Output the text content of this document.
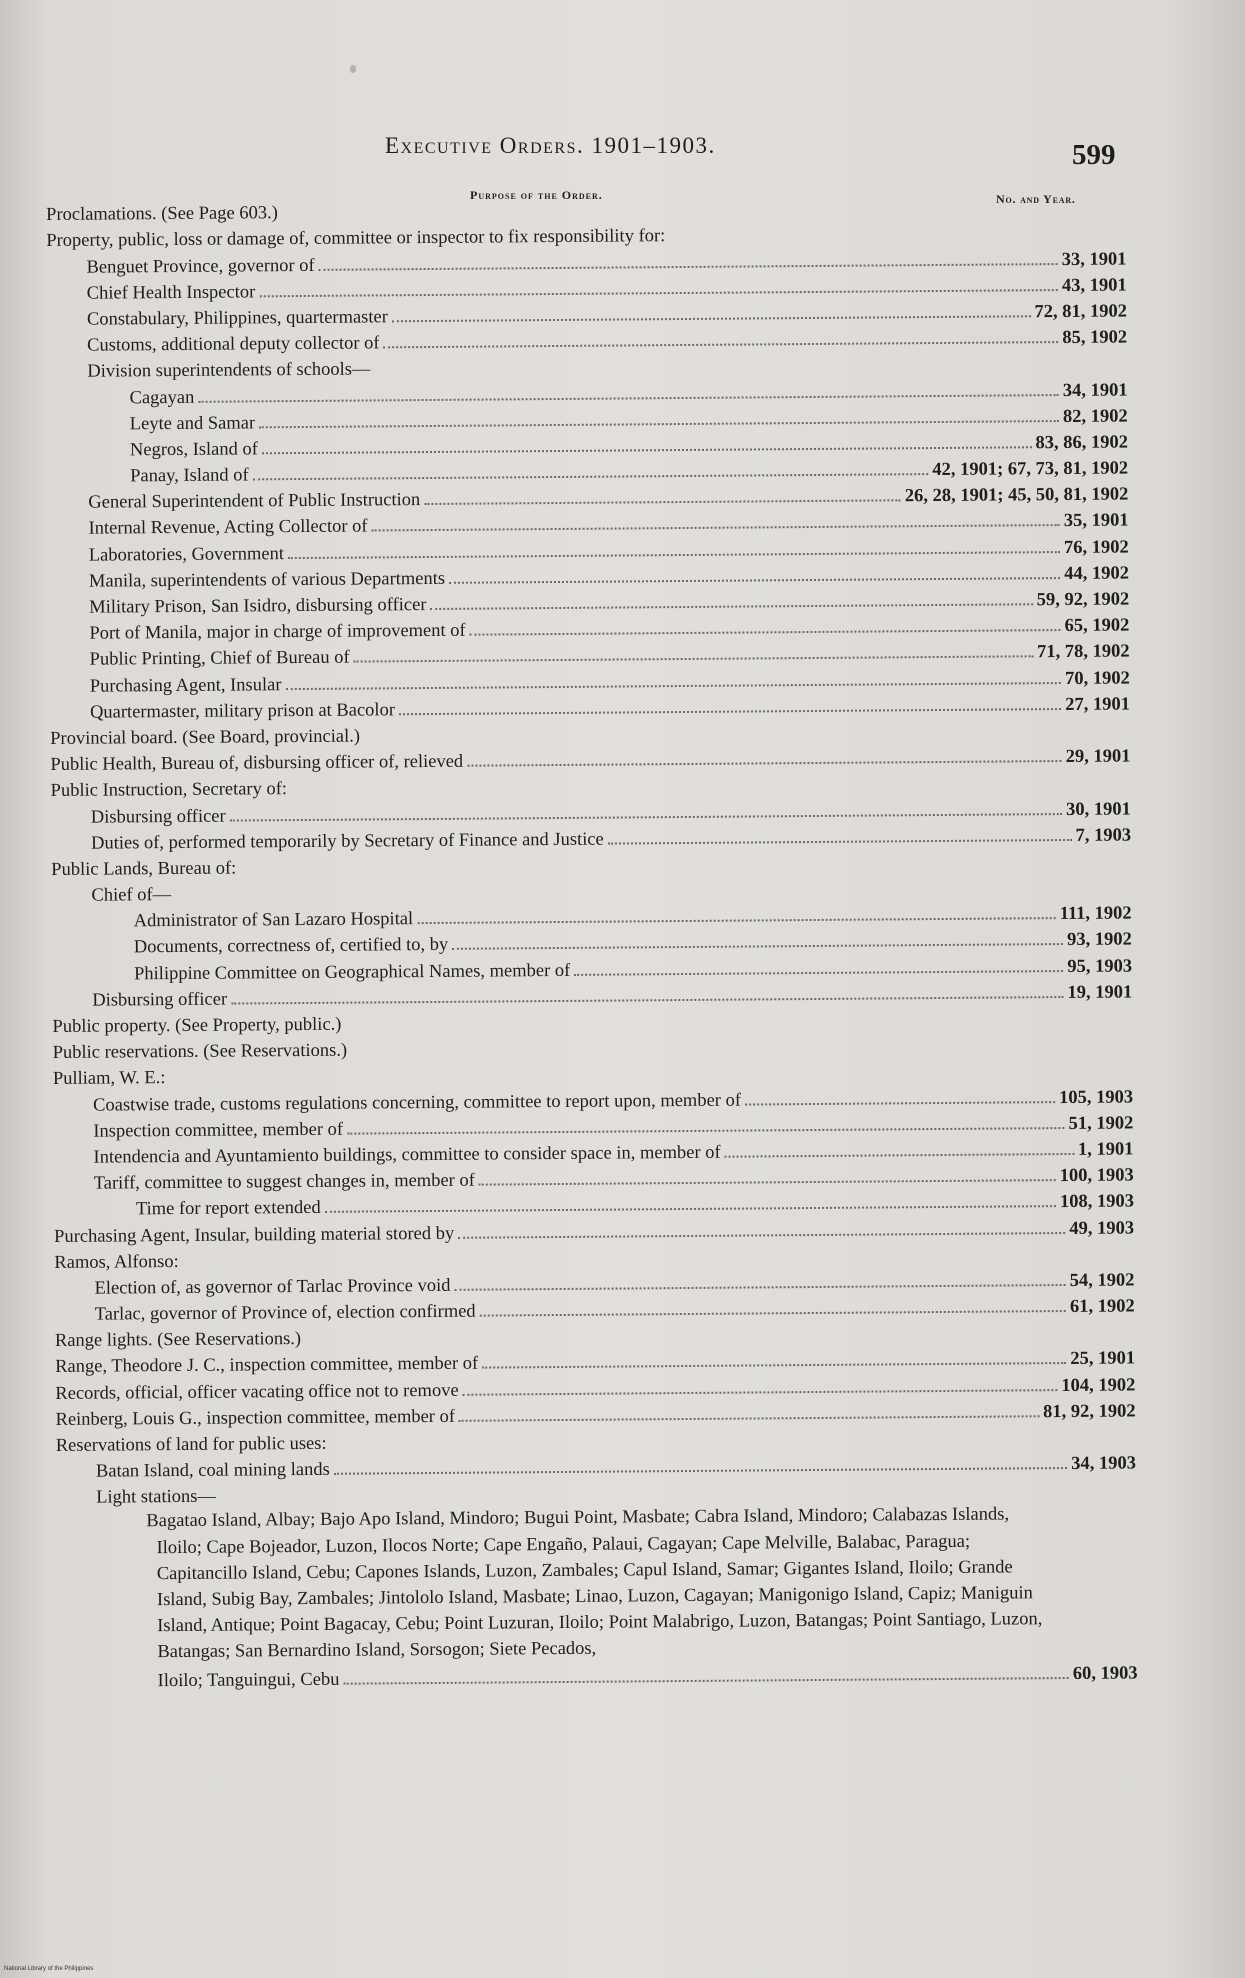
Executive Orders. 1901–1903.	599
Purpose of the Order.	No. and Year.
Proclamations. (See Page 603.)
Property, public, loss or damage of, committee or inspector to fix responsibility for:
Benguet Province, governor of	33, 1901
Chief Health Inspector	43, 1901
Constabulary, Philippines, quartermaster	72, 81, 1902
Customs, additional deputy collector of	85, 1902
Division superintendents of schools—
Cagayan	34, 1901
Leyte and Samar	82, 1902
Negros, Island of	83, 86, 1902
Panay, Island of	42, 1901; 67, 73, 81, 1902
General Superintendent of Public Instruction	26, 28, 1901; 45, 50, 81, 1902
Internal Revenue, Acting Collector of	35, 1901
Laboratories, Government	76, 1902
Manila, superintendents of various Departments	44, 1902
Military Prison, San Isidro, disbursing officer	59, 92, 1902
Port of Manila, major in charge of improvement of	65, 1902
Public Printing, Chief of Bureau of	71, 78, 1902
Purchasing Agent, Insular	70, 1902
Quartermaster, military prison at Bacolor	27, 1901
Provincial board. (See Board, provincial.)
Public Health, Bureau of, disbursing officer of, relieved	29, 1901
Public Instruction, Secretary of:
Disbursing officer	30, 1901
Duties of, performed temporarily by Secretary of Finance and Justice	7, 1903
Public Lands, Bureau of:
Chief of—
Administrator of San Lazaro Hospital	111, 1902
Documents, correctness of, certified to, by	93, 1902
Philippine Committee on Geographical Names, member of	95, 1903
Disbursing officer	19, 1901
Public property. (See Property, public.)
Public reservations. (See Reservations.)
Pulliam, W. E.:
Coastwise trade, customs regulations concerning, committee to report upon, member of	105, 1903
Inspection committee, member of	51, 1902
Intendencia and Ayuntamiento buildings, committee to consider space in, member of	1, 1901
Tariff, committee to suggest changes in, member of	100, 1903
Time for report extended	108, 1903
Purchasing Agent, Insular, building material stored by	49, 1903
Ramos, Alfonso:
Election of, as governor of Tarlac Province void	54, 1902
Tarlac, governor of Province of, election confirmed	61, 1902
Range lights. (See Reservations.)
Range, Theodore J. C., inspection committee, member of	25, 1901
Records, official, officer vacating office not to remove	104, 1902
Reinberg, Louis G., inspection committee, member of	81, 92, 1902
Reservations of land for public uses:
Batan Island, coal mining lands	34, 1903
Light stations—
Bagatao Island, Albay; Bajo Apo Island, Mindoro; Bugui Point, Masbate; Cabra Island, Mindoro; Calabazas Islands, Iloilo; Cape Bojeador, Luzon, Ilocos Norte; Cape Engaño, Palaui, Cagayan; Cape Melville, Balabac, Paragua; Capitancillo Island, Cebu; Capones Islands, Luzon, Zambales; Capul Island, Samar; Gigantes Island, Iloilo; Grande Island, Subig Bay, Zambales; Jintololo Island, Masbate; Linao, Luzon, Cagayan; Manigonigo Island, Capiz; Maniguin Island, Antique; Point Bagacay, Cebu; Point Luzuran, Iloilo; Point Malabrigo, Luzon, Batangas; Point Santiago, Luzon, Batangas; San Bernardino Island, Sorsogon; Siete Pecados,
Iloilo; Tanguingui, Cebu	60, 1903
National Library of the Philippines
